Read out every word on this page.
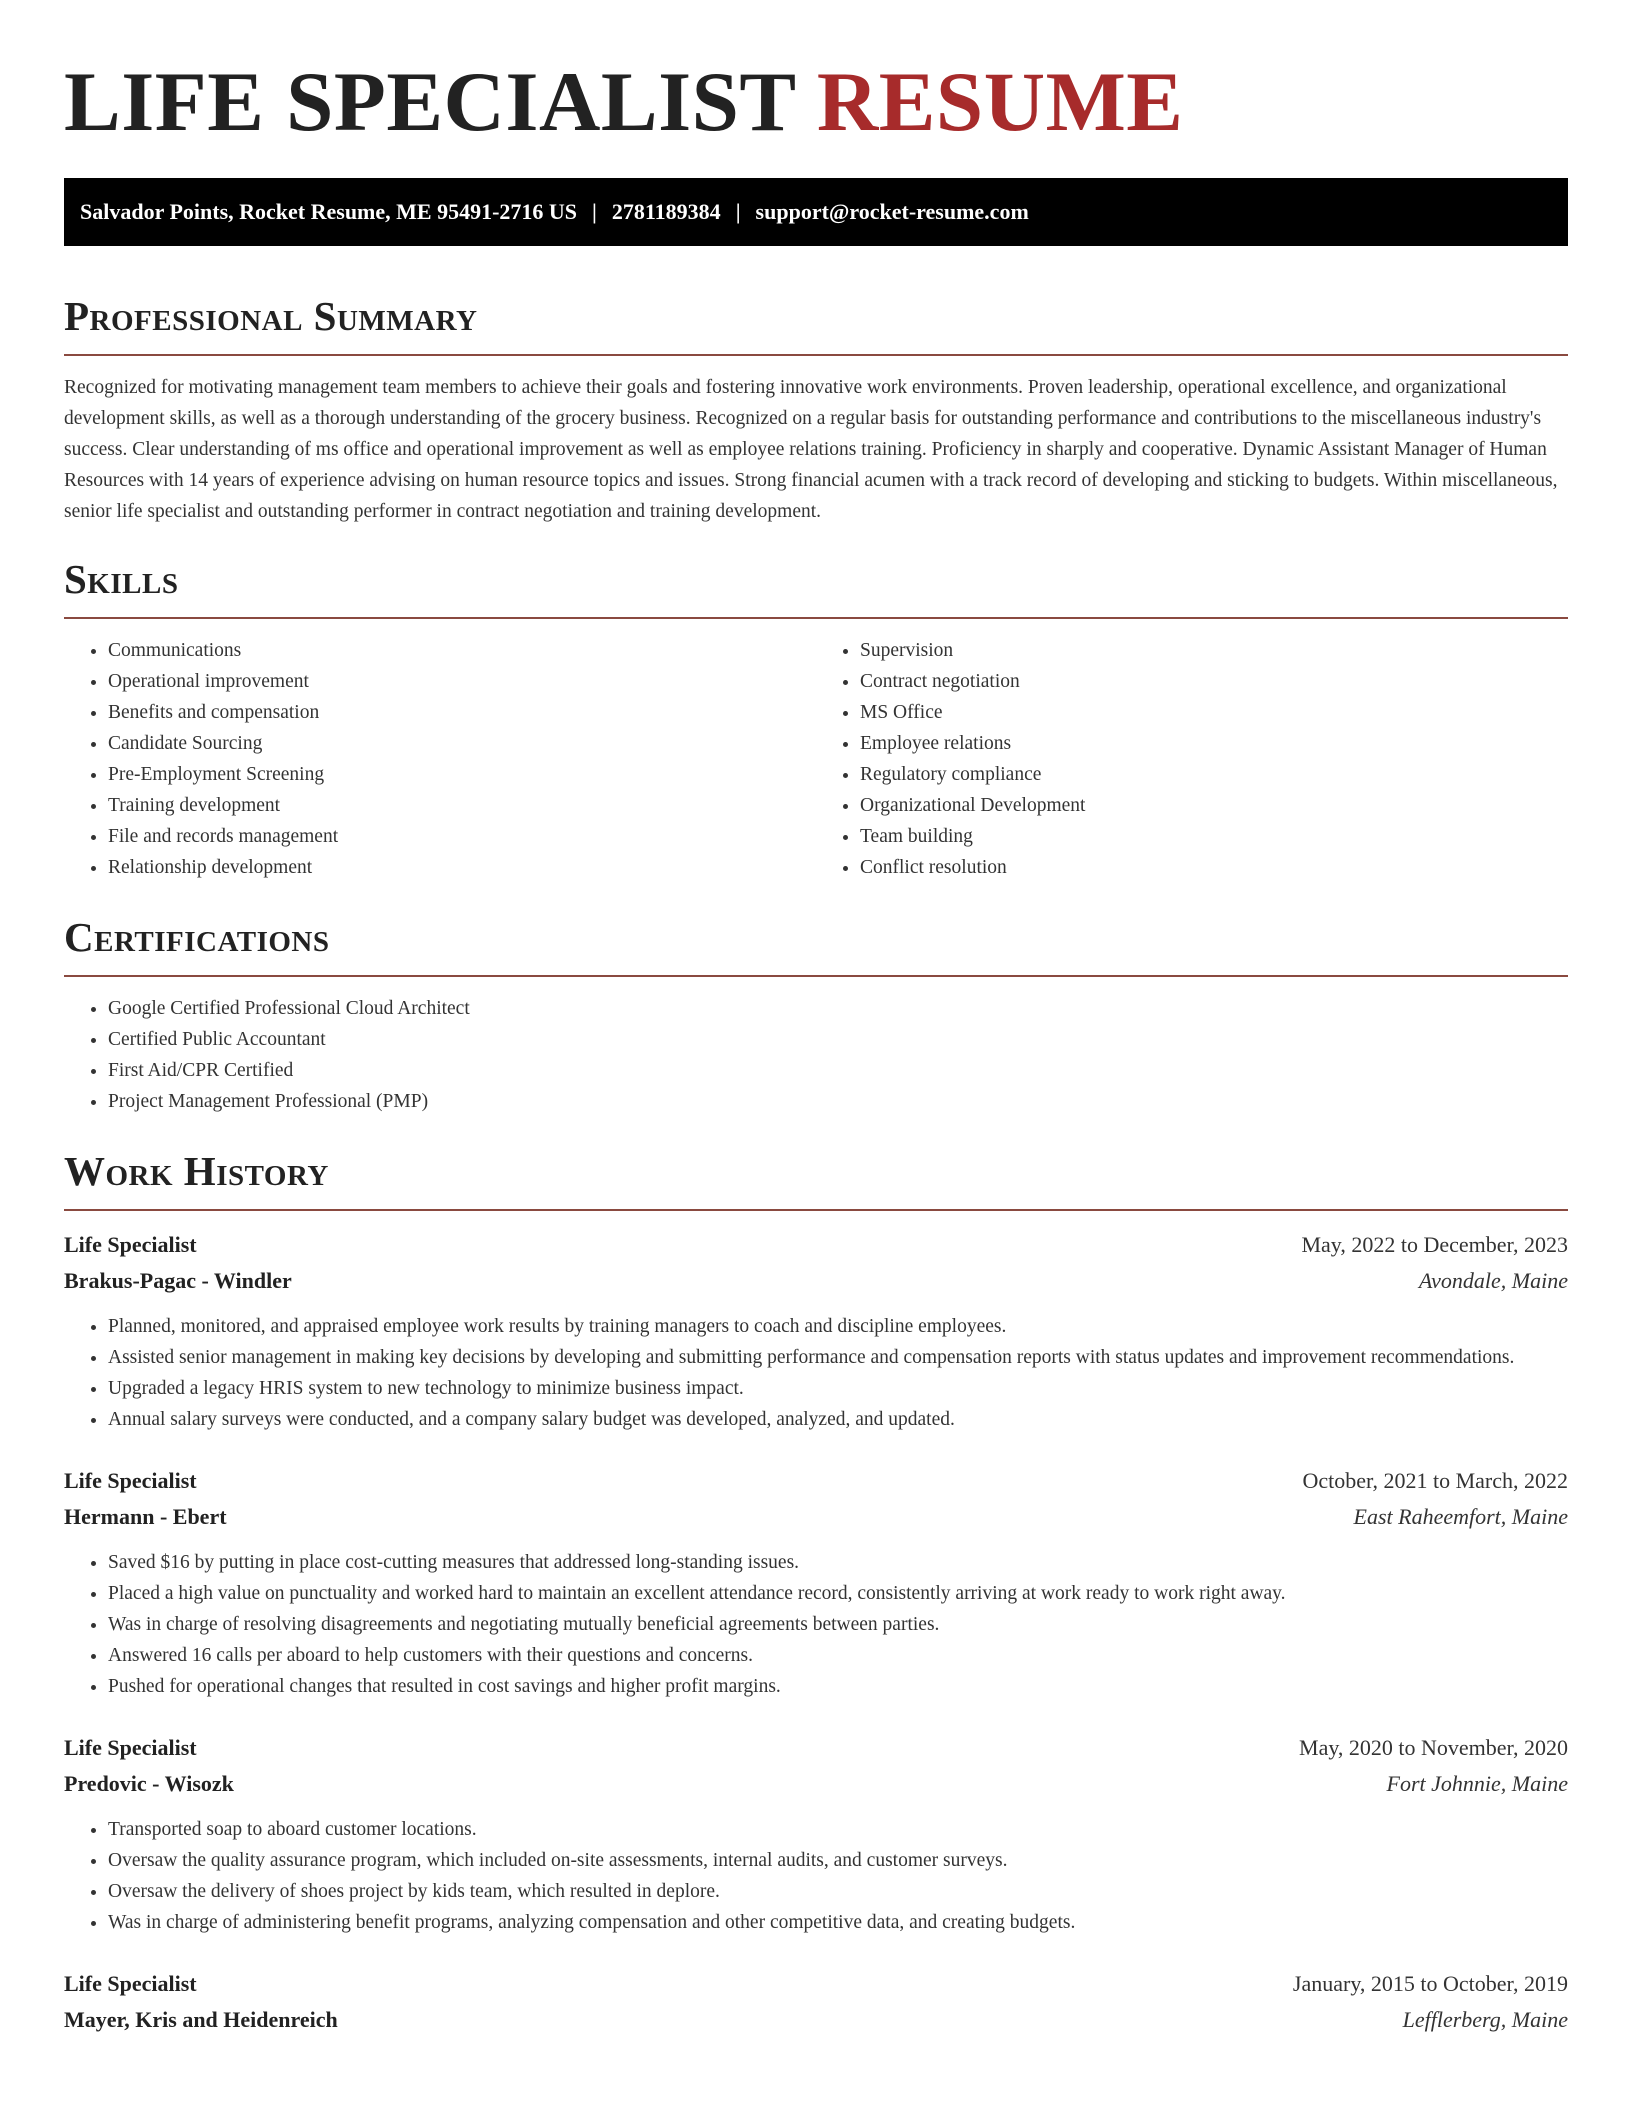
LIFE SPECIALIST RESUME
Salvador Points, Rocket Resume, ME 95491-2716 US | 2781189384 | support@rocket-resume.com
Professional Summary

Recognized for motivating management team members to achieve their goals and fostering innovative work environments. Proven leadership, operational excellence, and organizational development skills, as well as a thorough understanding of the grocery business. Recognized on a regular basis for outstanding performance and contributions to the miscellaneous industry's success. Clear understanding of ms office and operational improvement as well as employee relations training. Proficiency in sharply and cooperative. Dynamic Assistant Manager of Human Resources with 14 years of experience advising on human resource topics and issues. Strong financial acumen with a track record of developing and sticking to budgets. Within miscellaneous, senior life specialist and outstanding performer in contract negotiation and training development.

Skills
• Communications
• Operational improvement
• Benefits and compensation
• Candidate Sourcing
• Pre-Employment Screening
• Training development
• File and records management
• Relationship development
• Supervision
• Contract negotiation
• MS Office
• Employee relations
• Regulatory compliance
• Organizational Development
• Team building
• Conflict resolution
Certifications
• Google Certified Professional Cloud Architect
• Certified Public Accountant
• First Aid/CPR Certified
• Project Management Professional (PMP)
Work History
Life Specialist	May, 2022 to December, 2023
Brakus-Pagac - Windler	Avondale, Maine
• Planned, monitored, and appraised employee work results by training managers to coach and discipline employees.
• Assisted senior management in making key decisions by developing and submitting performance and compensation reports with status updates and improvement recommendations.
• Upgraded a legacy HRIS system to new technology to minimize business impact.
• Annual salary surveys were conducted, and a company salary budget was developed, analyzed, and updated.
Life Specialist	October, 2021 to March, 2022
Hermann - Ebert	East Raheemfort, Maine
• Saved $16 by putting in place cost-cutting measures that addressed long-standing issues.
• Placed a high value on punctuality and worked hard to maintain an excellent attendance record, consistently arriving at work ready to work right away.
• Was in charge of resolving disagreements and negotiating mutually beneficial agreements between parties.
• Answered 16 calls per aboard to help customers with their questions and concerns.
• Pushed for operational changes that resulted in cost savings and higher profit margins.
Life Specialist	May, 2020 to November, 2020
Predovic - Wisozk	Fort Johnnie, Maine
• Transported soap to aboard customer locations.
• Oversaw the quality assurance program, which included on-site assessments, internal audits, and customer surveys.
• Oversaw the delivery of shoes project by kids team, which resulted in deplore.
• Was in charge of administering benefit programs, analyzing compensation and other competitive data, and creating budgets.
Life Specialist	January, 2015 to October, 2019
Mayer, Kris and Heidenreich	Lefflerberg, Maine
